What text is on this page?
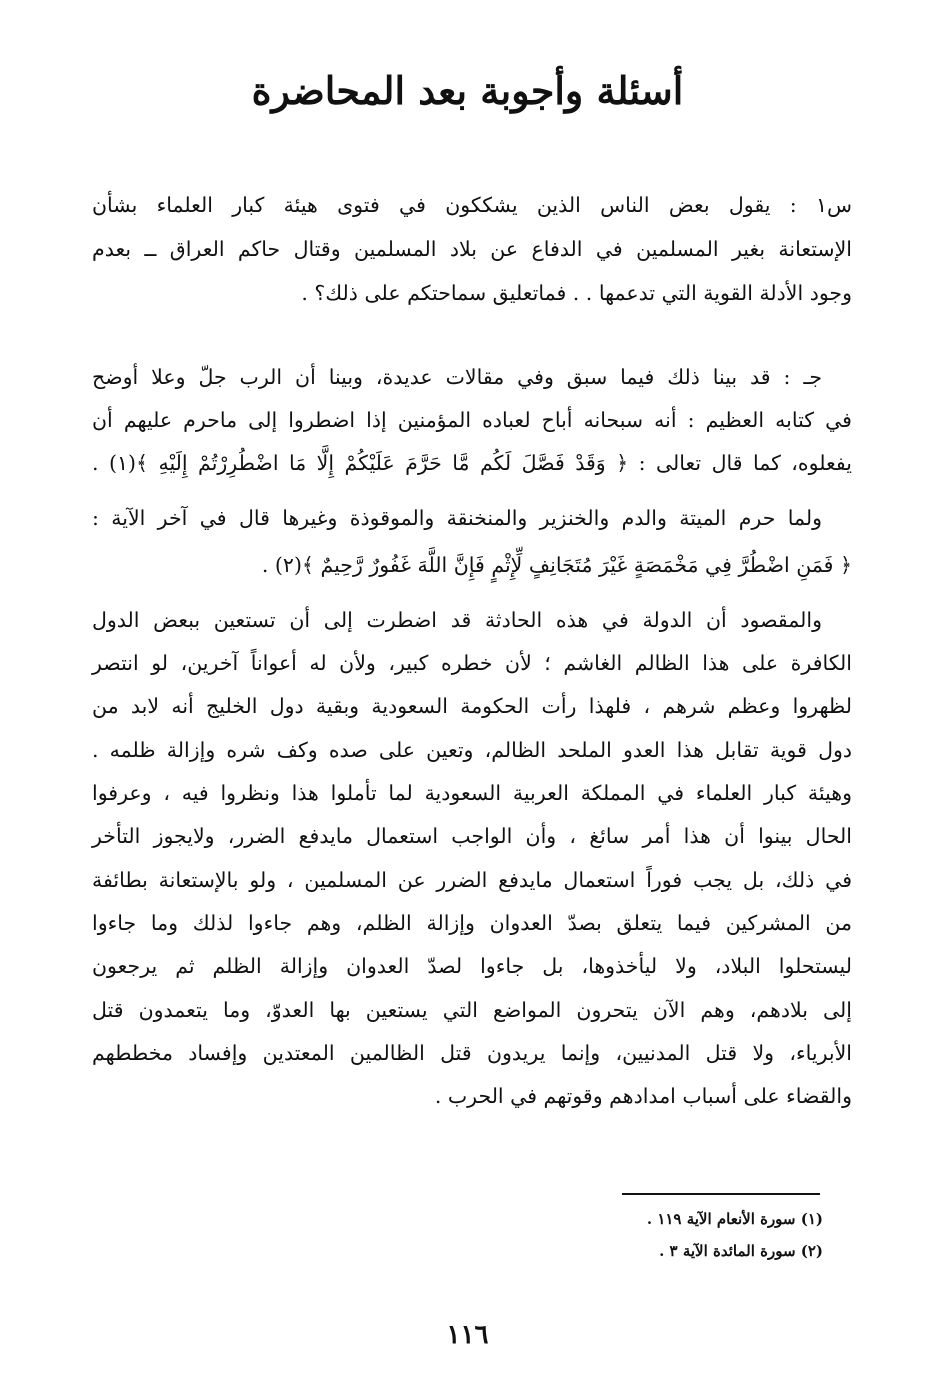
أسئلة وأجوبة بعد المحاضرة
س١ : يقول بعض الناس الذين يشككون في فتوى هيئة كبار العلماء بشأن
الإستعانة بغير المسلمين في الدفاع عن بلاد المسلمين وقتال حاكم العراق ــ بعدم
وجود الأدلة القوية التي تدعمها . . فماتعليق سماحتكم على ذلك؟ .
جـ : قد بينا ذلك فيما سبق وفي مقالات عديدة، وبينا أن الرب جلّ وعلا أوضح
في كتابه العظيم : أنه سبحانه أباح لعباده المؤمنين إذا اضطروا إلى ماحرم عليهم أن
يفعلوه، كما قال تعالى : ﴿ وَقَدْ فَصَّلَ لَكُم مَّا حَرَّمَ عَلَيْكُمْ إِلَّا مَا اضْطُرِرْتُمْ إِلَيْهِ ﴾(١) .
ولما حرم الميتة والدم والخنزير والمنخنقة والموقوذة وغيرها قال في آخر الآية :
﴿ فَمَنِ اضْطُرَّ فِي مَخْمَصَةٍ غَيْرَ مُتَجَانِفٍ لِّإِثْمٍ فَإِنَّ اللَّهَ غَفُورٌ رَّحِيمٌ ﴾(٢) .
والمقصود أن الدولة في هذه الحادثة قد اضطرت إلى أن تستعين ببعض الدول
الكافرة على هذا الظالم الغاشم ؛ لأن خطره كبير، ولأن له أعواناً آخرين، لو انتصر
لظهروا وعظم شرهم ، فلهذا رأت الحكومة السعودية وبقية دول الخليج أنه لابد من
دول قوية تقابل هذا العدو الملحد الظالم، وتعين على صده وكف شره وإزالة ظلمه .
وهيئة كبار العلماء في المملكة العربية السعودية لما تأملوا هذا ونظروا فيه ، وعرفوا
الحال بينوا أن هذا أمر سائغ ، وأن الواجب استعمال مايدفع الضرر، ولايجوز التأخر
في ذلك، بل يجب فوراً استعمال مايدفع الضرر عن المسلمين ، ولو بالإستعانة بطائفة
من المشركين فيما يتعلق بصدّ العدوان وإزالة الظلم، وهم جاءوا لذلك وما جاءوا
ليستحلوا البلاد، ولا ليأخذوها، بل جاءوا لصدّ العدوان وإزالة الظلم ثم يرجعون
إلى بلادهم، وهم الآن يتحرون المواضع التي يستعين بها العدوّ، وما يتعمدون قتل
الأبرياء، ولا قتل المدنيين، وإنما يريدون قتل الظالمين المعتدين وإفساد مخططهم
والقضاء على أسباب امدادهم وقوتهم في الحرب .
(١) سورة الأنعام الآية ١١٩ .
(٢) سورة المائدة الآية ٣ .
١١٦
